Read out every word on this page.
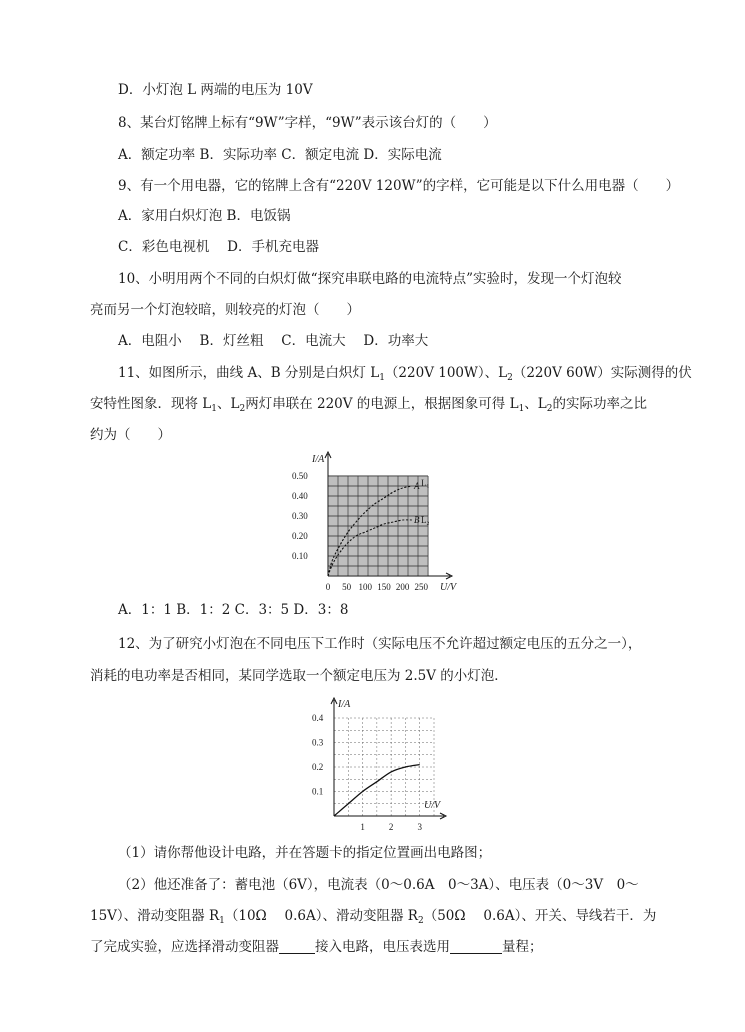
D．小灯泡 L 两端的电压为 10V
8、某台灯铭牌上标有“9W”字样，“9W”表示该台灯的（　　）
A．额定功率 B．实际功率 C．额定电流 D．实际电流
9、有一个用电器，它的铭牌上含有“220V 120W”的字样，它可能是以下什么用电器（　　）
A．家用白炽灯泡 B．电饭锅
C．彩色电视机　 D．手机充电器
10、小明用两个不同的白炽灯做“探究串联电路的电流特点”实验时，发现一个灯泡较
亮而另一个灯泡较暗，则较亮的灯泡（　　）
A．电阻小　 B．灯丝粗　 C．电流大　 D．功率大
11、如图所示，曲线 A、B 分别是白炽灯 $L_1(220V$ 100W）、$L_2(220V$ 60W）实际测得的伏
安特性图象．现将 $L_1$、$L_2$两灯串联在 220V 的电源上，根据图象可得 $L_1$、$L_2$的实际功率之比
约为（　　）
I/A
U/V
0.10
0.20
0.30
0.40
0.50
0 50 100 150 200 250
A L₁
B L₂
A．1：1 B．1：2 C．3：5 D．3：8
12、为了研究小灯泡在不同电压下工作时（实际电压不允许超过额定电压的五分之一），
消耗的电功率是否相同，某同学选取一个额定电压为 2.5V 的小灯泡．
I/A
U/V
0.1
0.2
0.3
0.4
1	2	3
（1）请你帮他设计电路，并在答题卡的指定位置画出电路图；
（2）他还准备了：蓄电池（6V），电流表（0～0.6A　0～3A）、电压表（0～3V　0～
15V）、滑动变阻器 $R_1(10\Omega$　 0.6A）、滑动变阻器 $R_2(50\Omega$　 0.6A）、开关、导线若干．为
了完成实验，应选择滑动变阻器	接入电路，电压表选用	量程；
